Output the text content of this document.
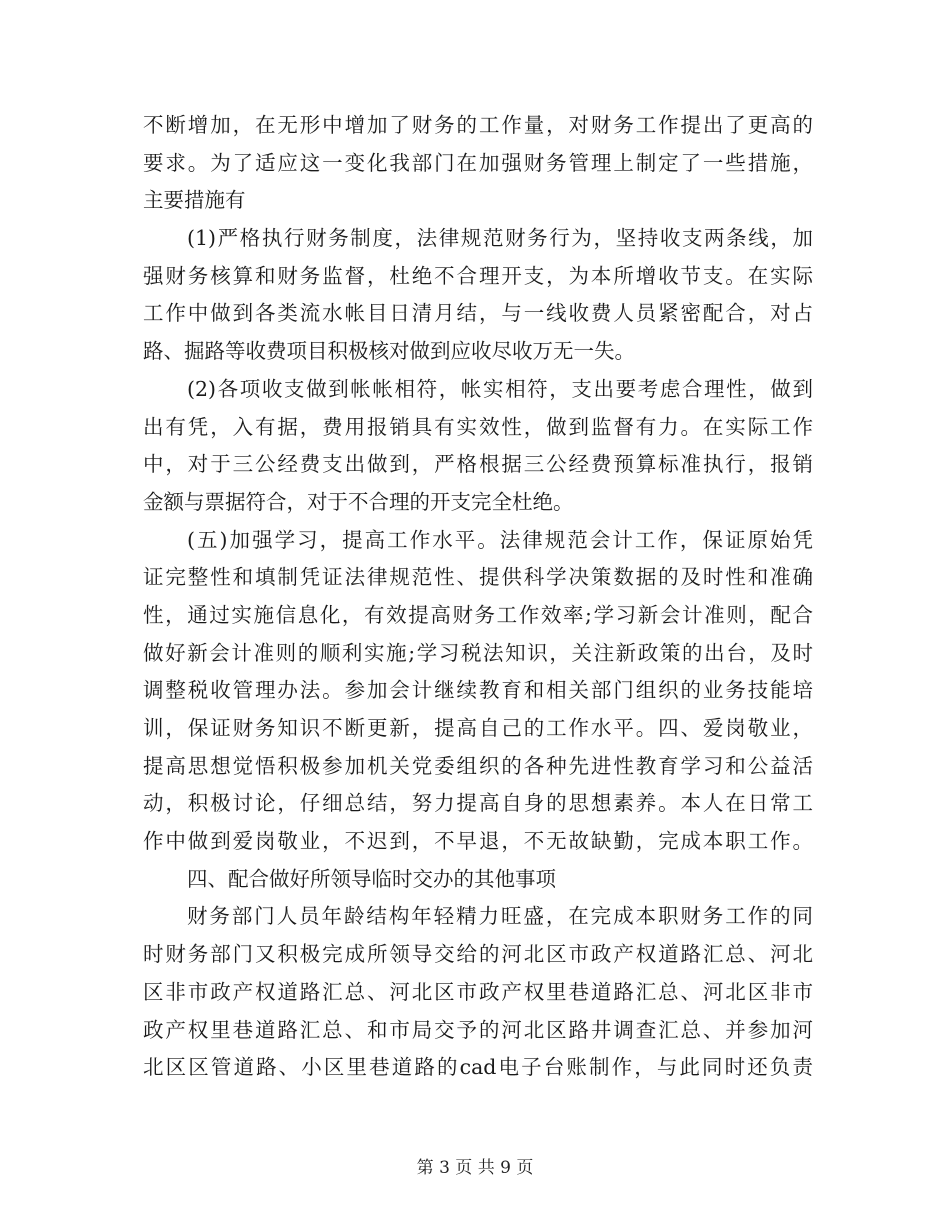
不断增加，在无形中增加了财务的工作量，对财务工作提出了更高的
要求。为了适应这一变化我部门在加强财务管理上制定了一些措施，
主要措施有
(1)严格执行财务制度，法律规范财务行为，坚持收支两条线，加
强财务核算和财务监督，杜绝不合理开支，为本所增收节支。在实际
工作中做到各类流水帐目日清月结，与一线收费人员紧密配合，对占
路、掘路等收费项目积极核对做到应收尽收万无一失。
(2)各项收支做到帐帐相符，帐实相符，支出要考虑合理性，做到
出有凭，入有据，费用报销具有实效性，做到监督有力。在实际工作
中，对于三公经费支出做到，严格根据三公经费预算标准执行，报销
金额与票据符合，对于不合理的开支完全杜绝。
(五)加强学习，提高工作水平。法律规范会计工作，保证原始凭
证完整性和填制凭证法律规范性、提供科学决策数据的及时性和准确
性，通过实施信息化，有效提高财务工作效率;学习新会计准则，配合
做好新会计准则的顺利实施;学习税法知识，关注新政策的出台，及时
调整税收管理办法。参加会计继续教育和相关部门组织的业务技能培
训，保证财务知识不断更新，提高自己的工作水平。四、爱岗敬业，
提高思想觉悟积极参加机关党委组织的各种先进性教育学习和公益活
动，积极讨论，仔细总结，努力提高自身的思想素养。本人在日常工
作中做到爱岗敬业，不迟到，不早退，不无故缺勤，完成本职工作。
四、配合做好所领导临时交办的其他事项
财务部门人员年龄结构年轻精力旺盛，在完成本职财务工作的同
时财务部门又积极完成所领导交给的河北区市政产权道路汇总、河北
区非市政产权道路汇总、河北区市政产权里巷道路汇总、河北区非市
政产权里巷道路汇总、和市局交予的河北区路井调查汇总、并参加河
北区区管道路、小区里巷道路的cad电子台账制作，与此同时还负责
第 3 页 共 9 页
